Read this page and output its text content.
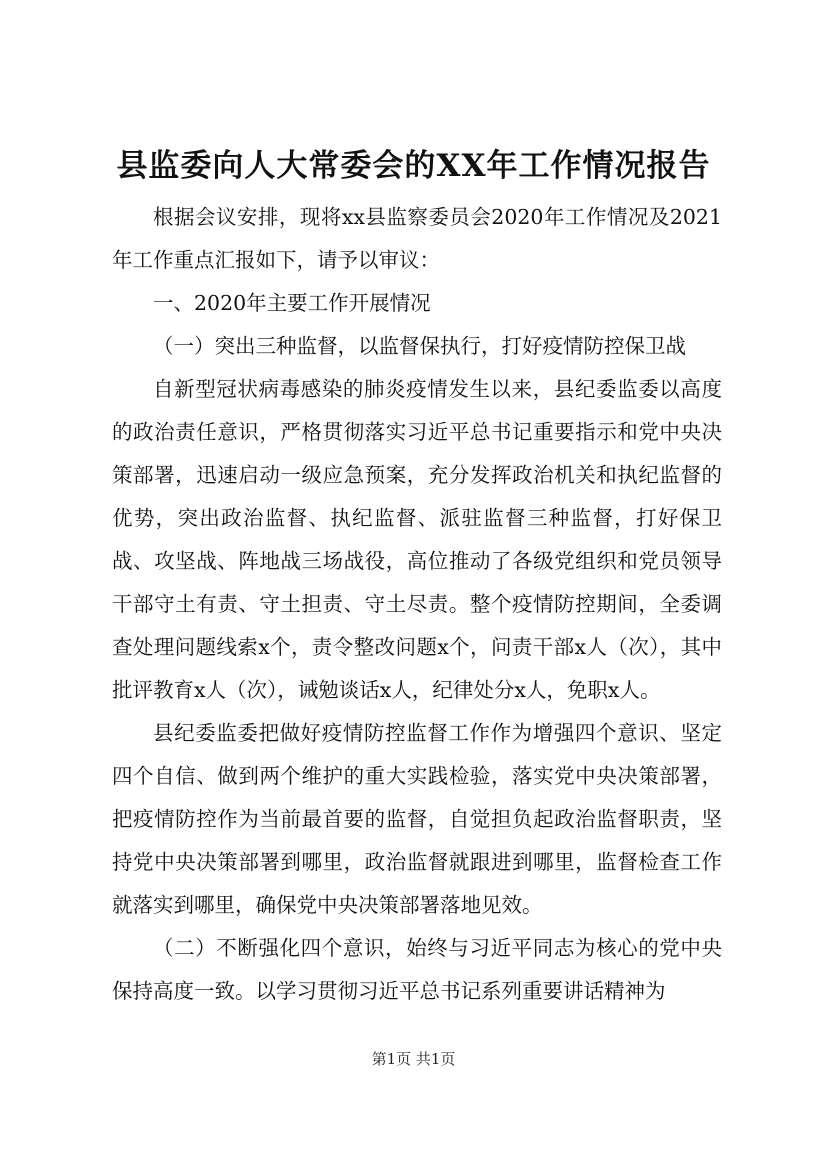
县监委向人大常委会的XX年工作情况报告

根据会议安排，现将xx县监察委员会2020年工作情况及2021年工作重点汇报如下，请予以审议：

一、2020年主要工作开展情况

（一）突出三种监督，以监督保执行，打好疫情防控保卫战

自新型冠状病毒感染的肺炎疫情发生以来，县纪委监委以高度的政治责任意识，严格贯彻落实习近平总书记重要指示和党中央决策部署，迅速启动一级应急预案，充分发挥政治机关和执纪监督的优势，突出政治监督、执纪监督、派驻监督三种监督，打好保卫战、攻坚战、阵地战三场战役，高位推动了各级党组织和党员领导干部守土有责、守土担责、守土尽责。整个疫情防控期间，全委调查处理问题线索x个，责令整改问题x个，问责干部x人（次），其中批评教育x人（次），诫勉谈话x人，纪律处分x人，免职x人。

县纪委监委把做好疫情防控监督工作作为增强四个意识、坚定四个自信、做到两个维护的重大实践检验，落实党中央决策部署，把疫情防控作为当前最首要的监督，自觉担负起政治监督职责，坚持党中央决策部署到哪里，政治监督就跟进到哪里，监督检查工作就落实到哪里，确保党中央决策部署落地见效。

（二）不断强化四个意识，始终与习近平同志为核心的党中央保持高度一致。以学习贯彻习近平总书记系列重要讲话精神为

第1页 共1页
